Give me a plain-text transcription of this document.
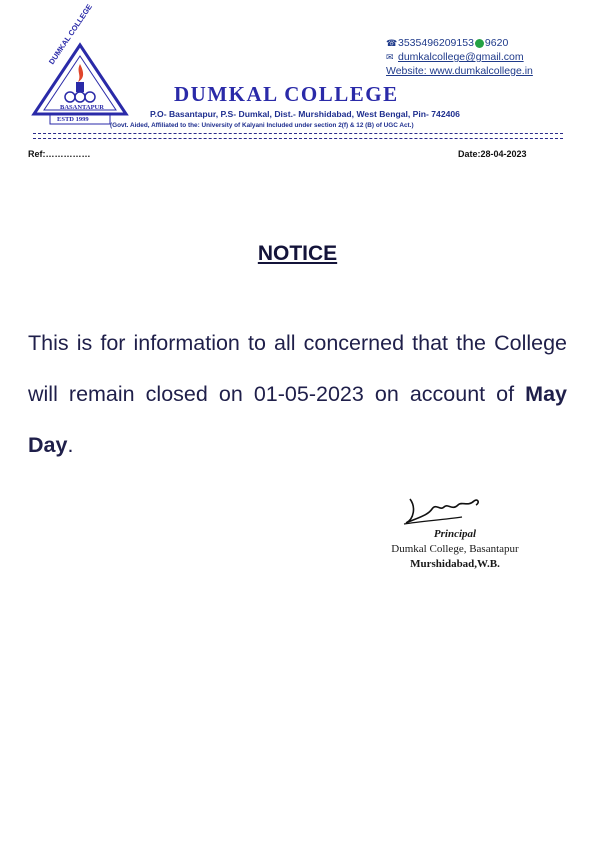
DUMKAL COLLEGE
BASANTAPUR
ESTD 1999
☎ 3535496209153 9620
✉ dumkalcollege@gmail.com
Website: www.dumkalcollege.in
DUMKAL COLLEGE
P.O- Basantapur, P.S- Dumkal, Dist.- Murshidabad, West Bengal, Pin- 742406
(Govt. Aided, Affiliated to the: University of Kalyani Included under section 2(f) & 12 (B) of UGC Act.)
Ref:……………	Date:28-04-2023
NOTICE
This is for information to all concerned that the College will remain closed on 01-05-2023 on account of May Day.
Principal
Dumkal College, Basantapur
Murshidabad,W.B.
